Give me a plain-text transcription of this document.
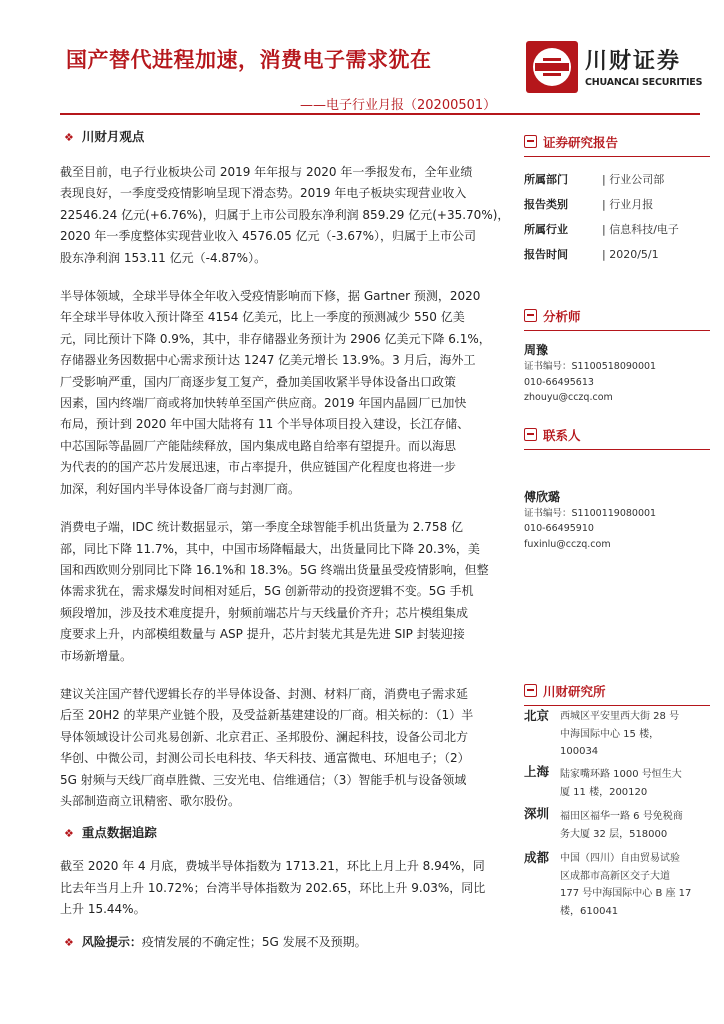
国产替代进程加速，消费电子需求犹在	川财证券
CHUANCAI SECURITIES
——电子行业月报（20200501）
❖ 川财月观点
截至目前，电子行业板块公司 2019 年年报与 2020 年一季报发布，全年业绩
表现良好，一季度受疫情影响呈现下滑态势。2019 年电子板块实现营业收入
22546.24 亿元(+6.76%)，归属于上市公司股东净利润 859.29 亿元(+35.70%)，
2020 年一季度整体实现营业收入 4576.05 亿元（-3.67%），归属于上市公司
股东净利润 153.11 亿元（-4.87%）。
半导体领域，全球半导体全年收入受疫情影响而下修，据 Gartner 预测，2020
年全球半导体收入预计降至 4154 亿美元，比上一季度的预测减少 550 亿美
元，同比预计下降 0.9%，其中，非存储器业务预计为 2906 亿美元下降 6.1%，
存储器业务因数据中心需求预计达 1247 亿美元增长 13.9%。3 月后，海外工
厂受影响严重，国内厂商逐步复工复产，叠加美国收紧半导体设备出口政策
因素，国内终端厂商或将加快转单至国产供应商。2019 年国内晶圆厂已加快
布局，预计到 2020 年中国大陆将有 11 个半导体项目投入建设，长江存储、
中芯国际等晶圆厂产能陆续释放，国内集成电路自给率有望提升。而以海思
为代表的的国产芯片发展迅速，市占率提升，供应链国产化程度也将进一步
加深，利好国内半导体设备厂商与封测厂商。
消费电子端，IDC 统计数据显示，第一季度全球智能手机出货量为 2.758 亿
部，同比下降 11.7%，其中，中国市场降幅最大，出货量同比下降 20.3%，美
国和西欧则分别同比下降 16.1%和 18.3%。5G 终端出货量虽受疫情影响，但整
体需求犹在，需求爆发时间相对延后，5G 创新带动的投资逻辑不变。5G 手机
频段增加，涉及技术难度提升，射频前端芯片与天线量价齐升；芯片模组集成
度要求上升，内部模组数量与 ASP 提升，芯片封装尤其是先进 SIP 封装迎接
市场新增量。
建议关注国产替代逻辑长存的半导体设备、封测、材料厂商，消费电子需求延
后至 20H2 的苹果产业链个股，及受益新基建建设的厂商。相关标的：（1）半
导体领域设计公司兆易创新、北京君正、圣邦股份、澜起科技，设备公司北方
华创、中微公司，封测公司长电科技、华天科技、通富微电、环旭电子；（2）
5G 射频与天线厂商卓胜微、三安光电、信维通信；（3）智能手机与设备领域
头部制造商立讯精密、歌尔股份。
❖ 重点数据追踪
截至 2020 年 4 月底，费城半导体指数为 1713.21，环比上月上升 8.94%，同
比去年当月上升 10.72%；台湾半导体指数为 202.65，环比上升 9.03%，同比
上升 15.44%。
❖ 风险提示：疫情发展的不确定性；5G 发展不及预期。
证券研究报告
所属部门	| 行业公司部
报告类别	| 行业月报
所属行业	| 信息科技/电子
报告时间	| 2020/5/1
分析师
周豫
证书编号：S1100518090001
010-66495613
zhouyu@cczq.com
联系人
傅欣璐
证书编号：S1100119080001
010-66495910
fuxinlu@cczq.com
川财研究所
北京 西城区平安里西大街 28 号
中海国际中心 15 楼，
100034
上海 陆家嘴环路 1000 号恒生大
厦 11 楼，200120
深圳 福田区福华一路 6 号免税商
务大厦 32 层，518000
成都 中国（四川）自由贸易试验
区成都市高新区交子大道
177 号中海国际中心 B 座 17
楼，610041
